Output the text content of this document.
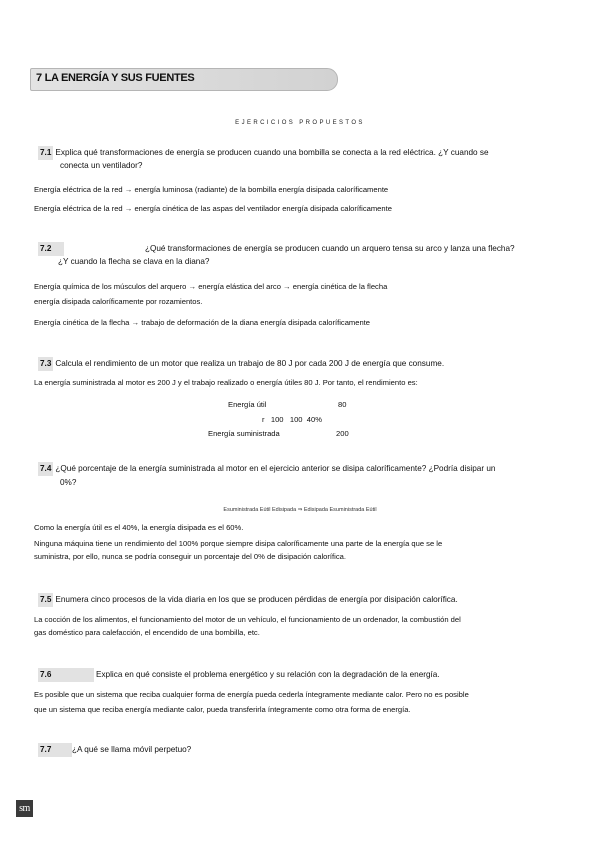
7 LA ENERGÍA Y SUS FUENTES
EJERCICIOS PROPUESTOS
7.1 Explica qué transformaciones de energía se producen cuando una bombilla se conecta a la red eléctrica. ¿Y cuando se
conecta un ventilador?
Energía eléctrica de la red → energía luminosa (radiante) de la bombilla energía disipada caloríficamente
Energía eléctrica de la red → energía cinética de las aspas del ventilador energía disipada caloríficamente
7.2	¿Qué transformaciones de energía se producen cuando un arquero tensa su arco y lanza una flecha?
¿Y cuando la flecha se clava en la diana?
Energía química de los músculos del arquero → energía elástica del arco → energía cinética de la flecha
energía disipada caloríficamente por rozamientos.
Energía cinética de la flecha → trabajo de deformación de la diana energía disipada caloríficamente
7.3 Calcula el rendimiento de un motor que realiza un trabajo de 80 J por cada 200 J de energía que consume.
La energía suministrada al motor es 200 J y el trabajo realizado o energía útiles 80 J. Por tanto, el rendimiento es:
Energía útil	80
r   100   100  40%
Energía suministrada	200
7.4 ¿Qué porcentaje de la energía suministrada al motor en el ejercicio anterior se disipa caloríficamente? ¿Podría disipar un
0%?
Esuministrada Eútil Edisipada ⇒ Edisipada Esuministrada Eútil
Como la energía útil es el 40%, la energía disipada es el 60%.
Ninguna máquina tiene un rendimiento del 100% porque siempre disipa caloríficamente una parte de la energía que se le
suministra, por ello, nunca se podría conseguir un porcentaje del 0% de disipación calorífica.
7.5 Enumera cinco procesos de la vida diaria en los que se producen pérdidas de energía por disipación calorífica.
La cocción de los alimentos, el funcionamiento del motor de un vehículo, el funcionamiento de un ordenador, la combustión del
gas doméstico para calefacción, el encendido de una bombilla, etc.
7.6	Explica en qué consiste el problema energético y su relación con la degradación de la energía.
Es posible que un sistema que reciba cualquier forma de energía pueda cederla íntegramente mediante calor. Pero no es posible
que un sistema que reciba energía mediante calor, pueda transferirla íntegramente como otra forma de energía.
7.7	¿A qué se llama móvil perpetuo?
sm
